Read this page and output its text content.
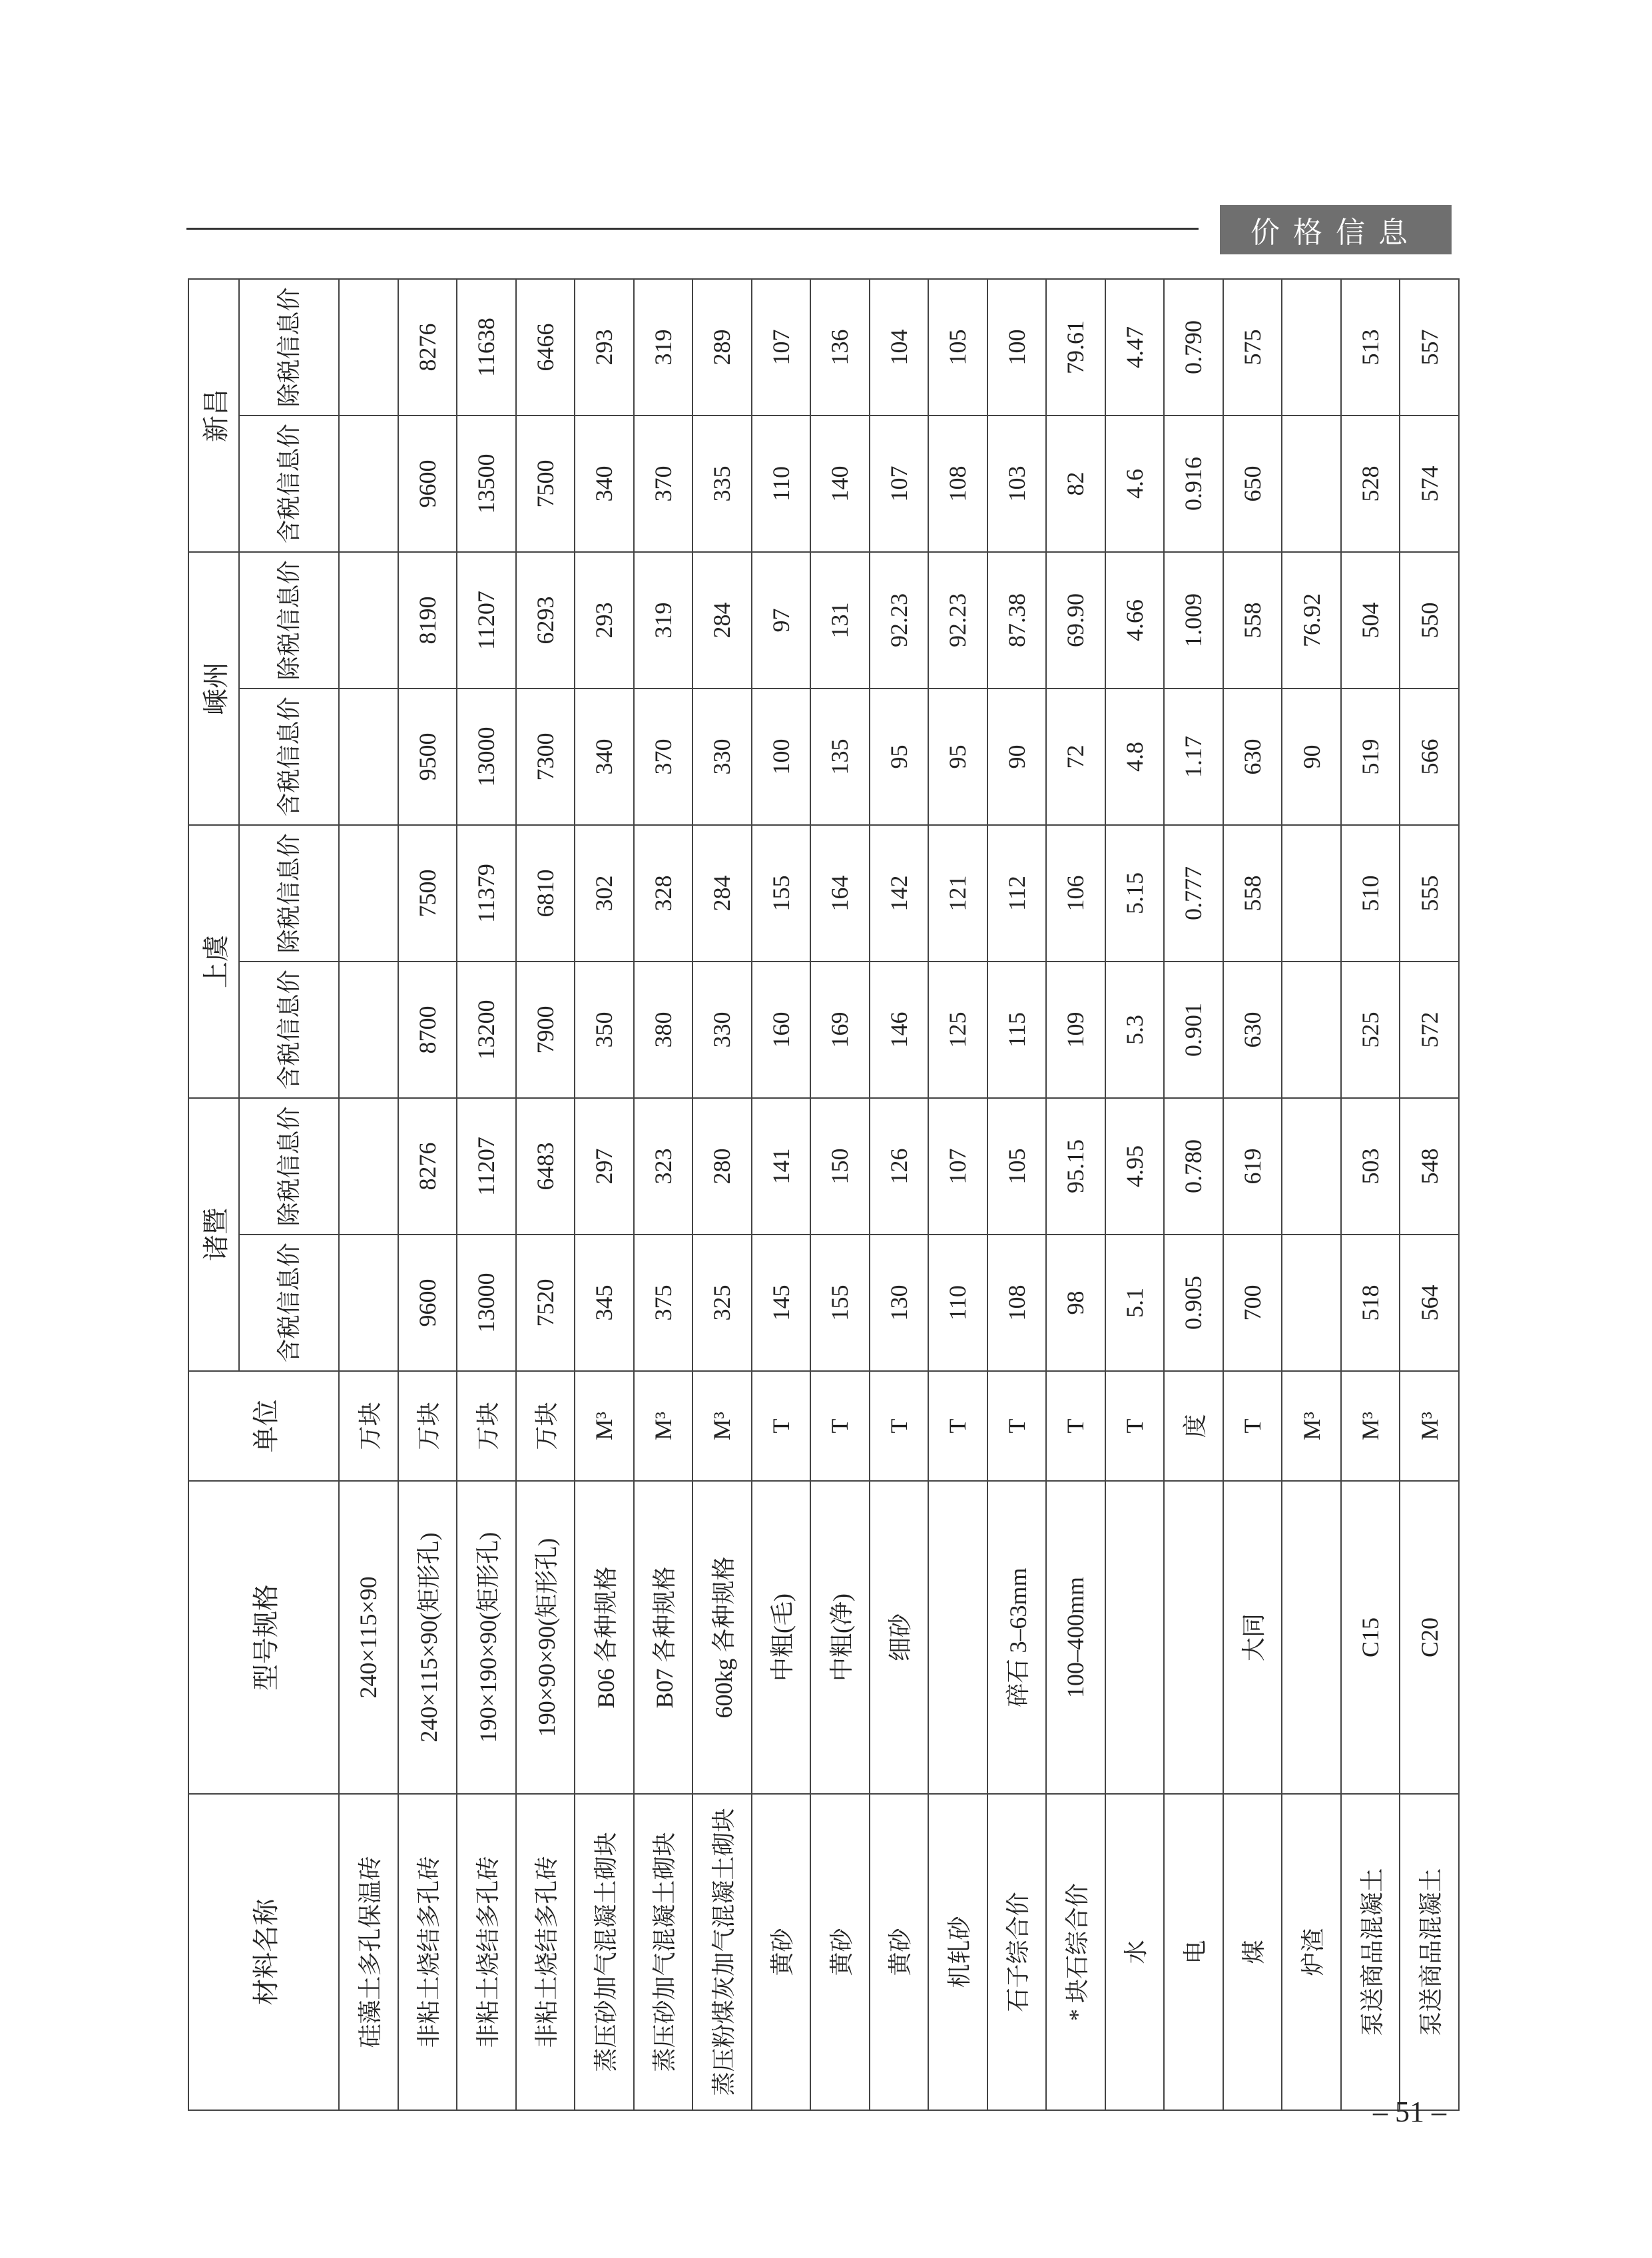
价格信息
材料名称	型号规格	单位	诸暨		上虞		嵊州		新昌	
			含税信息价	除税信息价	含税信息价	除税信息价	含税信息价	除税信息价	含税信息价	除税信息价
硅藻土多孔保温砖	240×115×90	万块								
非粘土烧结多孔砖	240×115×90(矩形孔)	万块	9600	8276	8700	7500	9500	8190	9600	8276
非粘土烧结多孔砖	190×190×90(矩形孔)	万块	13000	11207	13200	11379	13000	11207	13500	11638
非粘土烧结多孔砖	190×90×90(矩形孔)	万块	7520	6483	7900	6810	7300	6293	7500	6466
蒸压砂加气混凝土砌块	B06 各种规格	M³	345	297	350	302	340	293	340	293
蒸压砂加气混凝土砌块	B07 各种规格	M³	375	323	380	328	370	319	370	319
蒸压粉煤灰加气混凝土砌块	600kg 各种规格	M³	325	280	330	284	330	284	335	289
黄砂	中粗(毛)	T	145	141	160	155	100	97	110	107
黄砂	中粗(净)	T	155	150	169	164	135	131	140	136
黄砂	细砂	T	130	126	146	142	95	92.23	107	104
机轧砂		T	110	107	125	121	95	92.23	108	105
石子综合价	碎石 3–63mm	T	108	105	115	112	90	87.38	103	100
* 块石综合价	100–400mm	T	98	95.15	109	106	72	69.90	82	79.61
水		T	5.1	4.95	5.3	5.15	4.8	4.66	4.6	4.47
电		度	0.905	0.780	0.901	0.777	1.17	1.009	0.916	0.790
煤	大同	T	700	619	630	558	630	558	650	575
炉渣		M³					90	76.92		
泵送商品混凝土	C15	M³	518	503	525	510	519	504	528	513
泵送商品混凝土	C20	M³	564	548	572	555	566	550	574	557
– 51 –
